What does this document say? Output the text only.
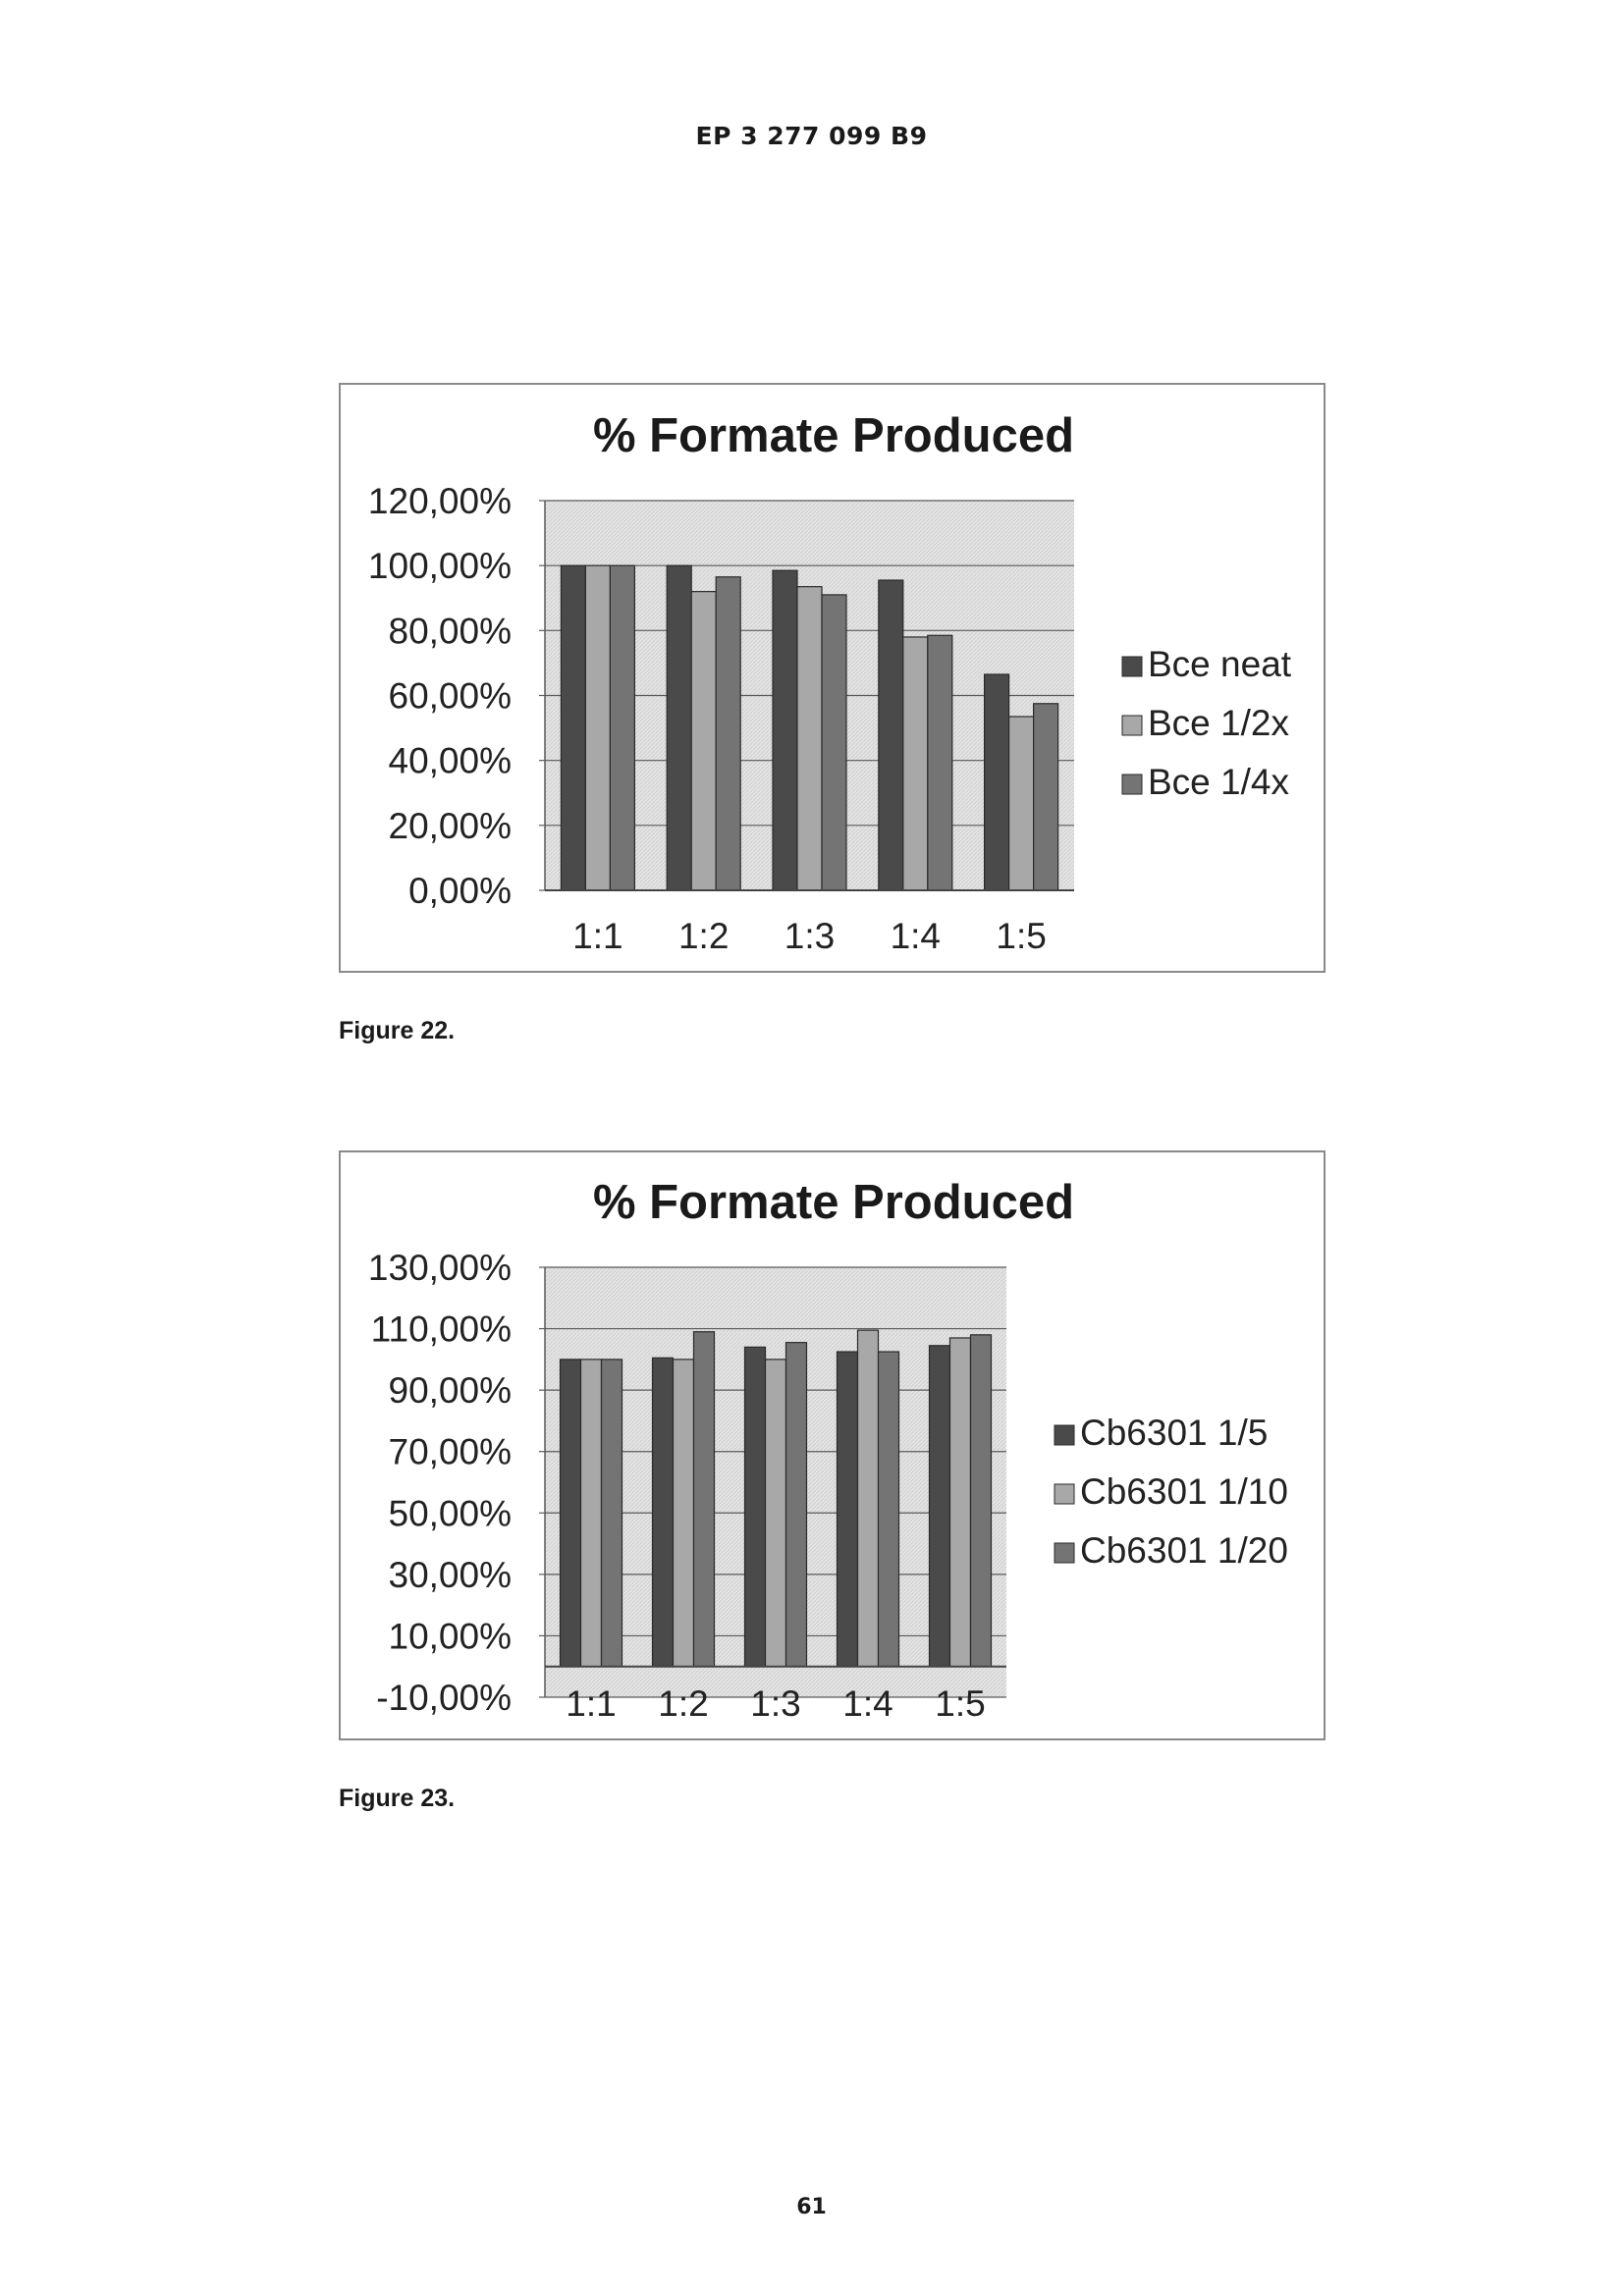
EP 3 277 099 B9
% Formate Produced
0,00%
20,00%
40,00%
60,00%
80,00%
100,00%
120,00%
1:1 1:2 1:3 1:4 1:5
Bce neat
Bce 1/2x
Bce 1/4x
Figure 22.
% Formate Produced
-10,00%
10,00%
30,00%
50,00%
70,00%
90,00%
110,00%
130,00%
1:1 1:2 1:3 1:4 1:5
Cb6301 1/5
Cb6301 1/10
Cb6301 1/20
Figure 23.
61
